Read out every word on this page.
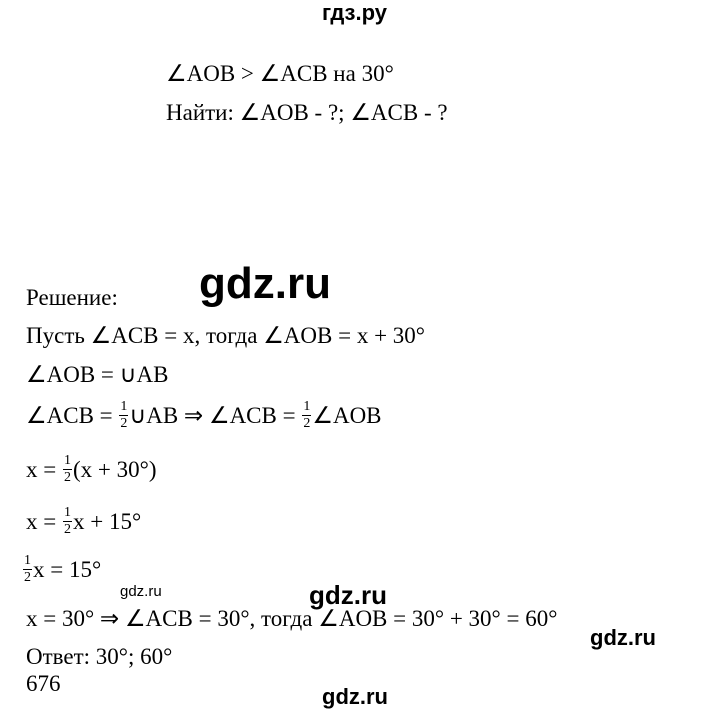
гдз.ру
∠AOB > ∠ACB на 30°
Найти: ∠AOB - ?; ∠ACB - ?
gdz.ru
Решение:
Пусть ∠ACB = x, тогда ∠AOB = x + 30°
∠AOB = ∪AB
∠ACB = $\frac{1}{2}$ ∪AB ⇒ ∠ACB = $\frac{1}{2}$ ∠AOB
$x = \frac{1}{2} (x + 30^\circ)$
$x = \frac{1}{2}$ x + 15°
$\frac{1}{2}$ x = 15°
gdz.ru	gdz.ru
x = 30° ⇒ ∠ACB = 30°, тогда ∠AOB = 30° + 30° = 60°
gdz.ru
Ответ: 30°; 60°
676
gdz.ru
